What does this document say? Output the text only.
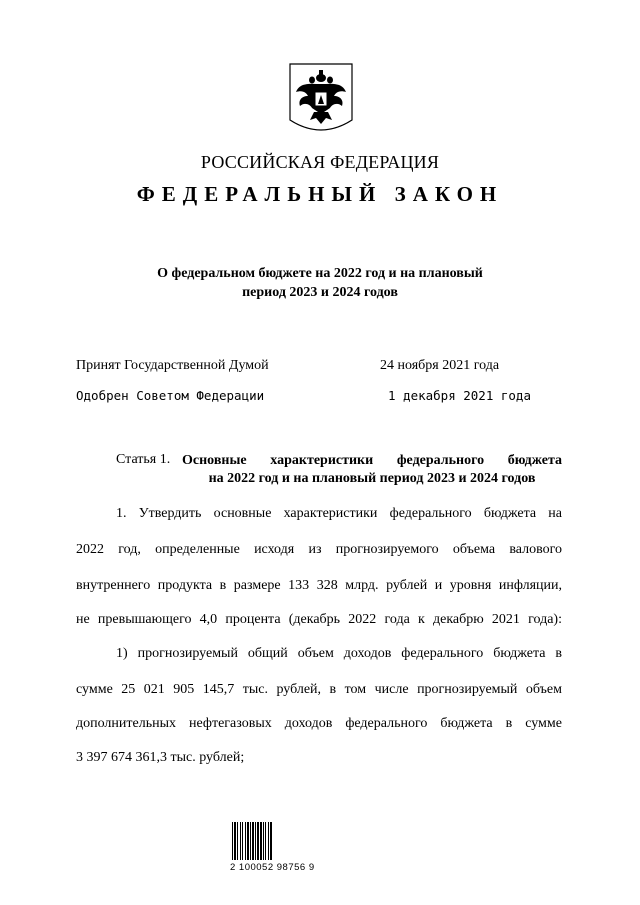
РОССИЙСКАЯ ФЕДЕРАЦИЯ
ФЕДЕРАЛЬНЫЙ ЗАКОН
О федеральном бюджете на 2022 год и на плановый
период 2023 и 2024 годов
Принят Государственной Думой	24 ноября 2021 года
Одобрен Советом Федерации	1 декабря 2021 года
Статья 1. Основные характеристики федерального бюджета
на 2022 год и на плановый период 2023 и 2024 годов
1. Утвердить основные характеристики федерального бюджета на
2022 год, определенные исходя из прогнозируемого объема валового
внутреннего продукта в размере 133 328 млрд. рублей и уровня инфляции,
не превышающего 4,0 процента (декабрь 2022 года к декабрю 2021 года):
1) прогнозируемый общий объем доходов федерального бюджета в
сумме 25 021 905 145,7 тыс. рублей, в том числе прогнозируемый объем
дополнительных нефтегазовых доходов федерального бюджета в сумме
3 397 674 361,3 тыс. рублей;
2 100052 98756 9
